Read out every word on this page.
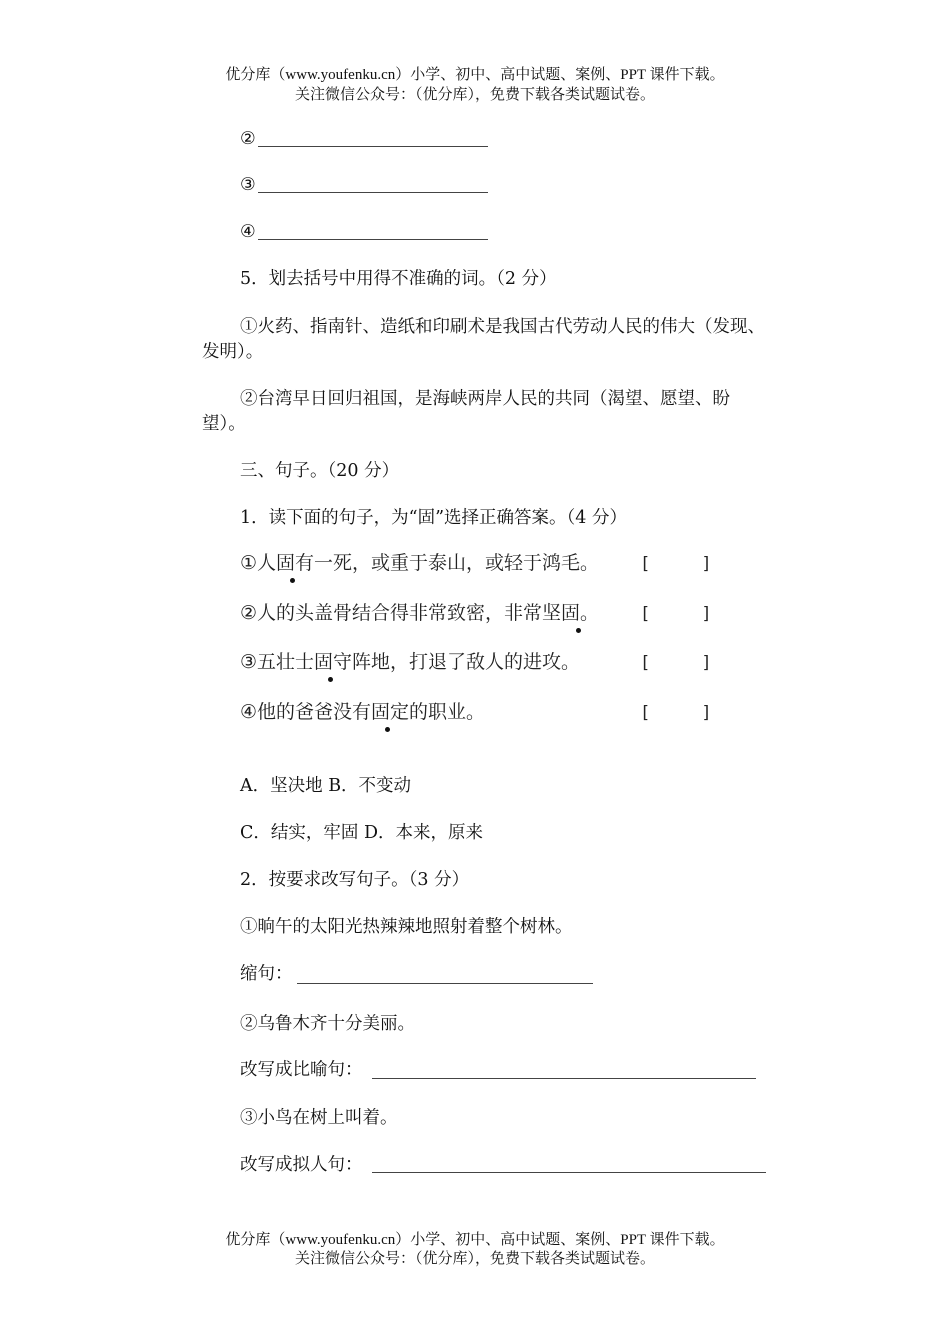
优分库（www.youfenku.cn）小学、初中、高中试题、案例、PPT 课件下载。
关注微信公众号：（优分库），免费下载各类试题试卷。
②
③
④
5．划去括号中用得不准确的词。（2 分）
①火药、指南针、造纸和印刷术是我国古代劳动人民的伟大（发现、
发明）。
②台湾早日回归祖国，是海峡两岸人民的共同（渴望、愿望、盼
望）。
三、句子。（20 分）
1．读下面的句子，为“固”选择正确答案。（4 分）
①人固有一死，或重于泰山，或轻于鸿毛。 [     ]
②人的头盖骨结合得非常致密，非常坚固。 [     ]
③五壮士固守阵地，打退了敌人的进攻。	[     ]
④他的爸爸没有固定的职业。	[     ]
A．坚决地 B．不变动
C．结实，牢固 D．本来，原来
2．按要求改写句子。（3 分）
①晌午的太阳光热辣辣地照射着整个树林。
缩句：
②乌鲁木齐十分美丽。
改写成比喻句：
③小鸟在树上叫着。
改写成拟人句：
优分库（www.youfenku.cn）小学、初中、高中试题、案例、PPT 课件下载。
关注微信公众号：（优分库），免费下载各类试题试卷。
